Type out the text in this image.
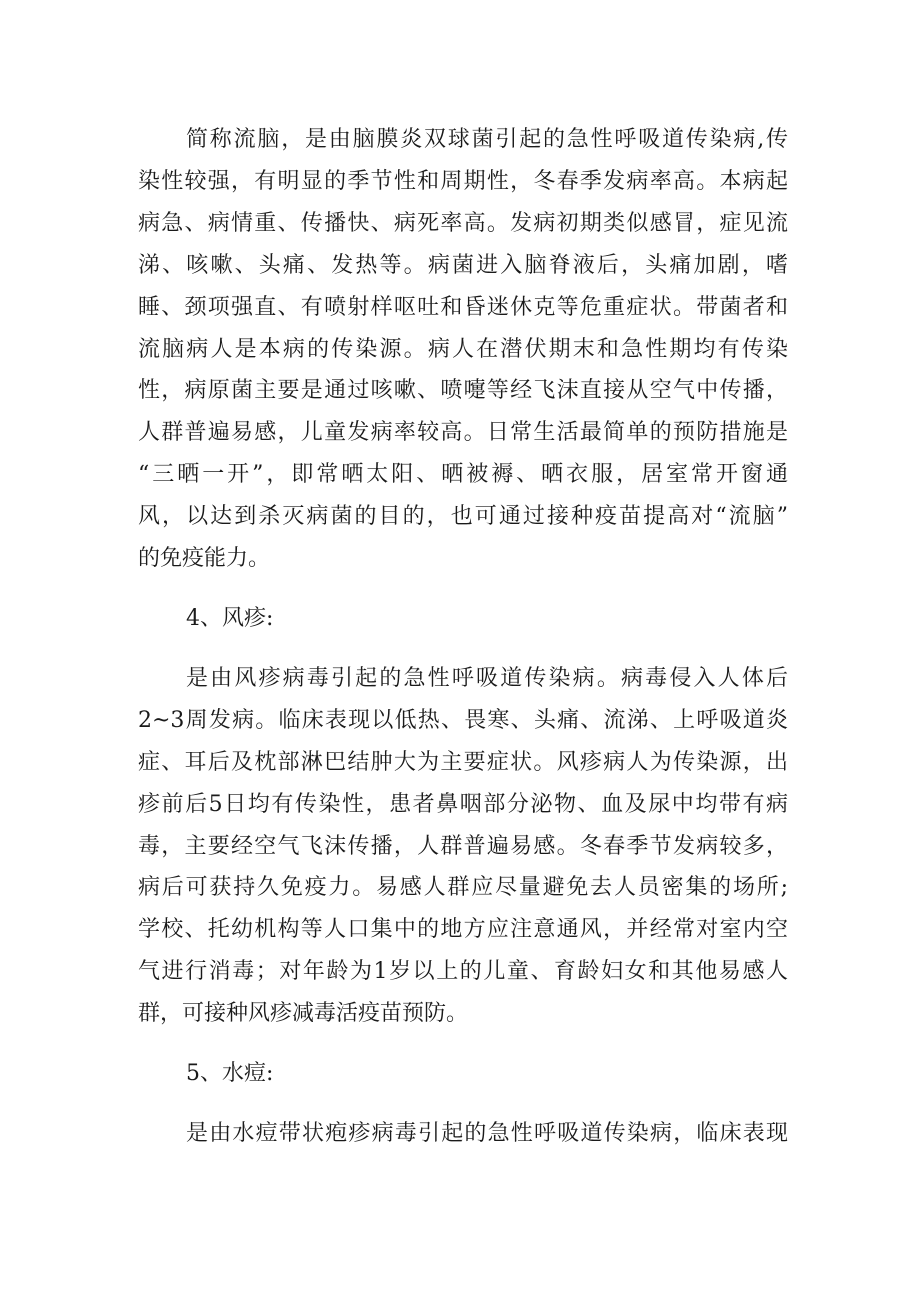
简称流脑，是由脑膜炎双球菌引起的急性呼吸道传染病,传
染性较强，有明显的季节性和周期性，冬春季发病率高。本病起
病急、病情重、传播快、病死率高。发病初期类似感冒，症见流
涕、咳嗽、头痛、发热等。病菌进入脑脊液后，头痛加剧，嗜
睡、颈项强直、有喷射样呕吐和昏迷休克等危重症状。带菌者和
流脑病人是本病的传染源。病人在潜伏期末和急性期均有传染
性，病原菌主要是通过咳嗽、喷嚏等经飞沫直接从空气中传播，
人群普遍易感，儿童发病率较高。日常生活最简单的预防措施是
“三晒一开”，即常晒太阳、晒被褥、晒衣服，居室常开窗通
风，以达到杀灭病菌的目的，也可通过接种疫苗提高对“流脑”
的免疫能力。
4、风疹:
是由风疹病毒引起的急性呼吸道传染病。病毒侵入人体后
2~3周发病。临床表现以低热、畏寒、头痛、流涕、上呼吸道炎
症、耳后及枕部淋巴结肿大为主要症状。风疹病人为传染源，出
疹前后5日均有传染性，患者鼻咽部分泌物、血及尿中均带有病
毒，主要经空气飞沫传播，人群普遍易感。冬春季节发病较多，
病后可获持久免疫力。易感人群应尽量避免去人员密集的场所;
学校、托幼机构等人口集中的地方应注意通风，并经常对室内空
气进行消毒；对年龄为1岁以上的儿童、育龄妇女和其他易感人
群，可接种风疹减毒活疫苗预防。
5、水痘:
是由水痘带状疱疹病毒引起的急性呼吸道传染病，临床表现
